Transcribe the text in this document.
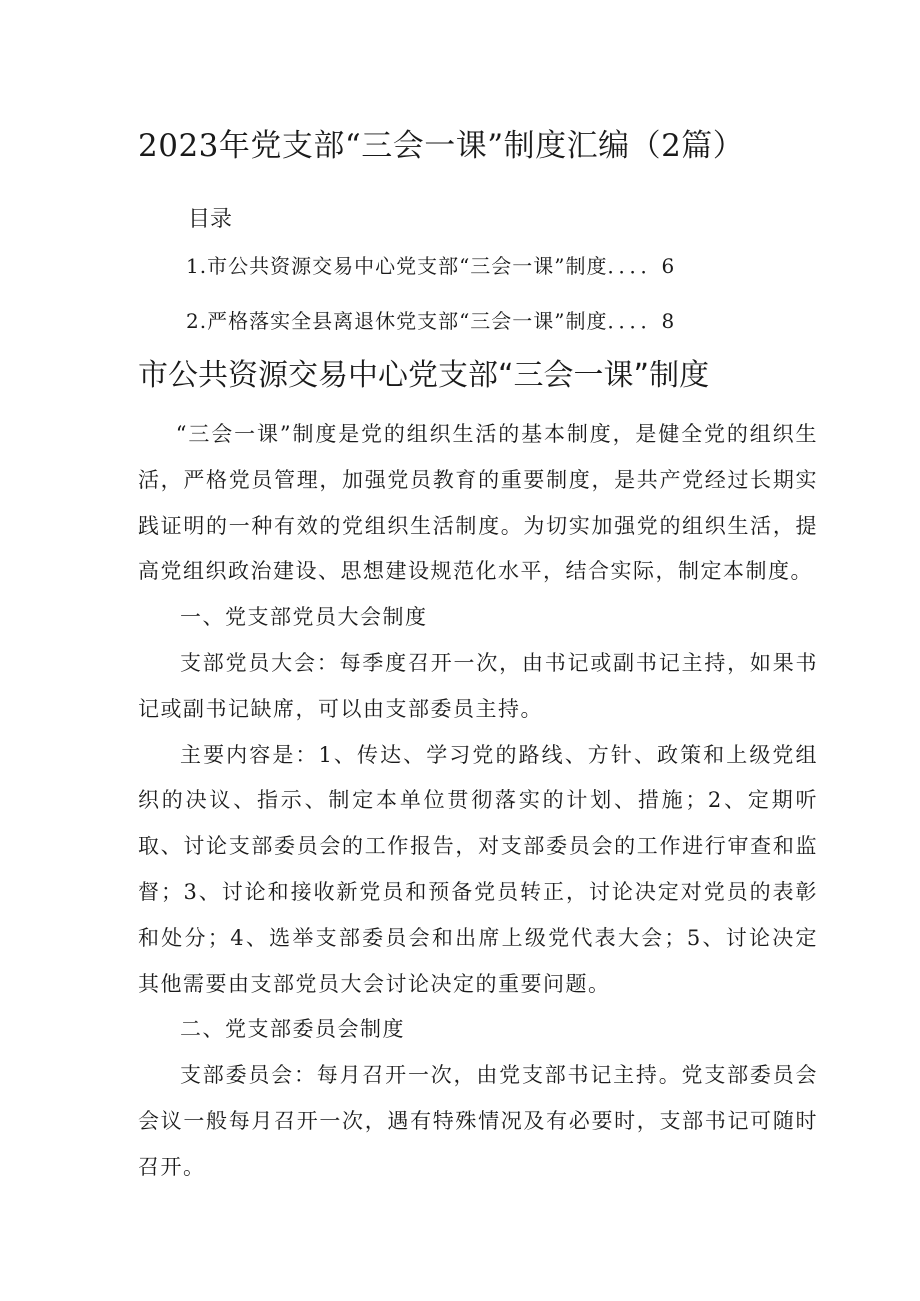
2023年党支部“三会一课”制度汇编（2篇）
目录
1.市公共资源交易中心党支部“三会一课”制度．．．．6
2.严格落实全县离退休党支部“三会一课”制度．．．．8
市公共资源交易中心党支部“三会一课”制度

“三会一课”制度是党的组织生活的基本制度，是健全党的组织生活，严格党员管理，加强党员教育的重要制度，是共产党经过长期实践证明的一种有效的党组织生活制度。为切实加强党的组织生活，提高党组织政治建设、思想建设规范化水平，结合实际，制定本制度。

一、党支部党员大会制度

支部党员大会：每季度召开一次，由书记或副书记主持，如果书记或副书记缺席，可以由支部委员主持。

主要内容是：1、传达、学习党的路线、方针、政策和上级党组织的决议、指示、制定本单位贯彻落实的计划、措施；2、定期听取、讨论支部委员会的工作报告，对支部委员会的工作进行审查和监督；3、讨论和接收新党员和预备党员转正，讨论决定对党员的表彰和处分；4、选举支部委员会和出席上级党代表大会；5、讨论决定其他需要由支部党员大会讨论决定的重要问题。

二、党支部委员会制度

支部委员会：每月召开一次，由党支部书记主持。党支部委员会会议一般每月召开一次，遇有特殊情况及有必要时，支部书记可随时召开。
